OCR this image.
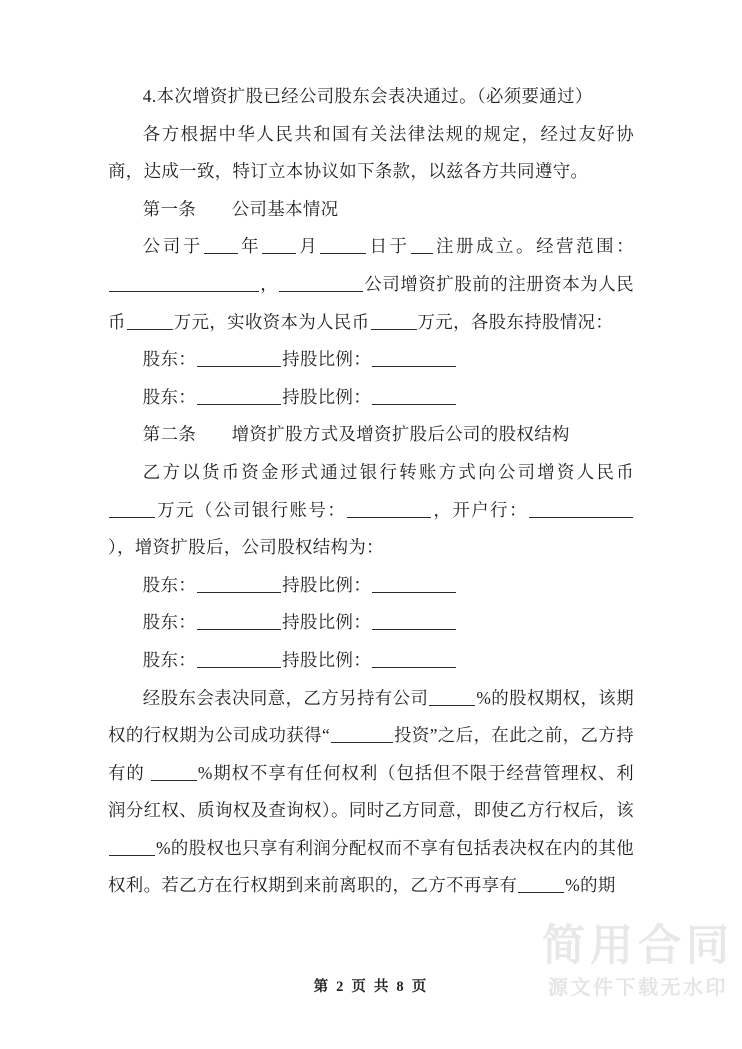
4.本次增资扩股已经公司股东会表决通过。（必须要通过）

各方根据中华人民共和国有关法律法规的规定，经过友好协商，达成一致，特订立本协议如下条款，以兹各方共同遵守。

第一条　　 公司基本情况

公司于 年 月	日于 注册成立。经营范围：，	公司增资扩股前的注册资本为人民币	万元，实收资本为人民币	万元，各股东持股情况：

股东：	持股比例：

股东：	持股比例：

第二条　　 增资扩股方式及增资扩股后公司的股权结构

乙方以货币资金形式通过银行转账方式向公司增资人民币万元（公司银行账号：	，开户行：），增资扩股后，公司股权结构为：

股东：	持股比例：

股东：	持股比例：

股东：	持股比例：

经股东会表决同意，乙方另持有公司	%的股权期权，该期权的行权期为公司成功获得“	投资”之后，在此之前，乙方持有的	%期权不享有任何权利（包括但不限于经营管理权、利润分红权、质询权及查询权）。同时乙方同意，即使乙方行权后，该%的股权也只享有利润分配权而不享有包括表决权在内的其他权利。若乙方在行权期到来前离职的，乙方不再享有	%的期

简用合同
源文件下载无水印
第 2 页 共 8 页
